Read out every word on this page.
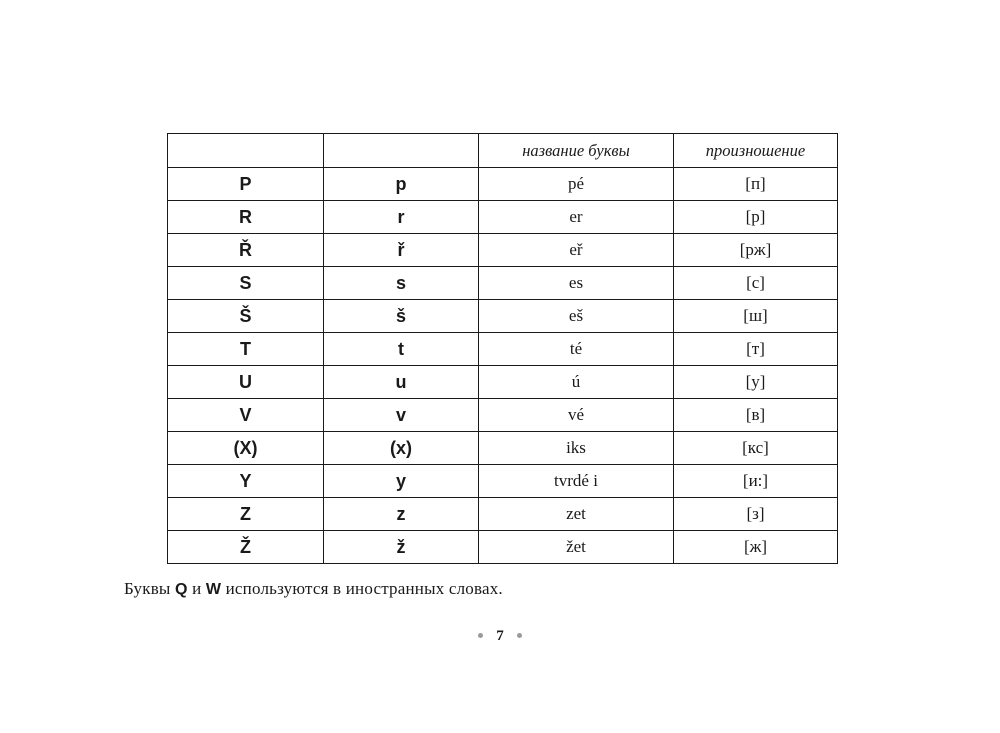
		название буквы	произношение
P	p	pé	[п]
R	r	er	[р]
Ř	ř	eř	[рж]
S	s	es	[с]
Š	š	eš	[ш]
T	t	té	[т]
U	u	ú	[у]
V	v	vé	[в]
(X)	(x)	iks	[кс]
Y	y	tvrdé i	[и:]
Z	z	zet	[з]
Ž	ž	žet	[ж]
Буквы Q и W используются в иностранных словах.
7
